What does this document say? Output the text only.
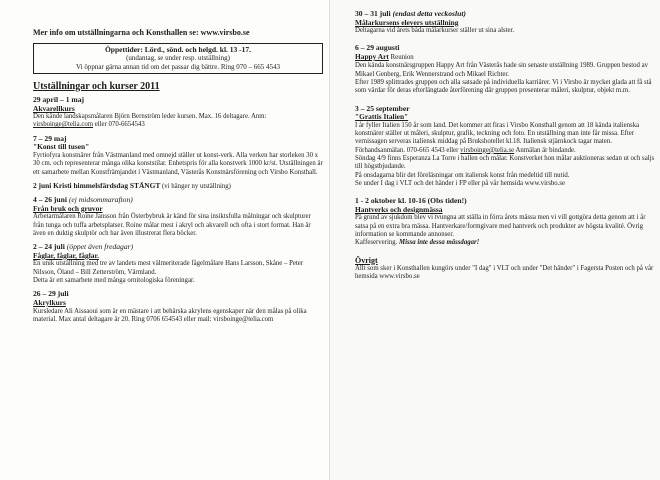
Mer info om utställningarna och Konsthallen se: www.virsbo.se

Öppettider: Lörd., sönd. och helgd. kl. 13 -17.
(undantag, se under resp. utställning)
Vi öppnar gärna annan tid om det passar dig bättre. Ring 070 – 665 4543
Utställningar och kurser 2011
29 april – 1 maj
Akvarellkurs
Den kände landskapsmålaren Björn Bernström leder kursen. Max. 16 deltagare. Anm: virsboinge@telia.com eller 070-6654543
7 – 29 maj
"Konst till tusen"
Fyrtiofyra konstnärer från Västmanland med omnejd ställer ut konst-verk. Alla verken har storleken 30 x 30 cm. och representerar många olika konststilar. Enhetspris för alla konstverk 1000 kr/st. Utställningen är ett samarbete mellan Konstfrämjandet i Västmanland, Västerås Konstnärsförening och Virsbo Konsthall.
2 juni Kristi himmelsfärdsdag STÄNGT (vi hänger ny utställning)
4 – 26 juni (ej midsommarafton)
Från bruk och gruvor
Arbetarmålaren Roine Jansson från Österbybruk är känd för sina insiktsfulla målningar och skulpturer från tunga och tuffa arbetsplatser. Roine målar mest i akryl och akvarell och ofta i stort format. Han är även en duktig skulptör och har även illustrerat flera böcker.
2 – 24 juli (öppet även fredagar)
Fåglar, fåglar, fåglar.
En unik utställning med tre av landets mest välmeriterade fågelmålare Hans Larsson, Skåne – Peter Nilsson, Öland – Bill Zetterström, Värmland.
Detta är ett samarbete med många ornitologiska föreningar.
26 – 29 juli
Akrylkurs
Kursledare Ali Aissaoui som är en mästare i att behärska akrylens egenskaper när den målas på olika material. Max antal deltagare är 20. Ring 0706 654543 eller mail: virsboinge@telia.com
30 – 31 juli (endast detta veckoslut)
Målarkursens elevers utställning
Deltagarna vid årets båda målarkurser ställer ut sina alster.
6 – 29 augusti
Happy Art Reunion
Den kända konstnärsgruppen Happy Art från Västerås hade sin senaste utställning 1989. Gruppen bestod av Mikael Genberg, Erik Wennerstrand och Mikael Richter.
Efter 1989 splittrades gruppen och alla satsade på individuella karriärer. Vi i Virsbo är mycket glada att få stå som värdar för deras efterlängtade återförening där gruppen presenterar måleri, skulptur, objekt m.m.
3 – 25 september
"Grattis Italien"
I år fyller Italien 150 år som land. Det kommer att firas i Virsbo Konsthall genom att 18 kända italienska konstnärer ställer ut måleri, skulptur, grafik, teckning och foto. En utställning man inte får missa. Efter vernissagen serveras italiensk middag på Brukshotellet kl.18. Italiensk stjärnkock tagar maten. Förhandsanmälan. 070-665 4543 eller virsboinge@telia.se Anmälan är bindande.
Söndag 4/9 finns Esperanza La Torre i hallen och målar. Konstverket hon målar auktioneras sedan ut och saljs till högstbjudande.
På onsdagarna blir det föreläsningar om italiensk konst från medeltid till nutid.
Se under I dag i VLT och det händer i FP eller på vår hemsida www.virsbo.se
1 - 2 oktober kl. 10-16 (Obs tiden!)
Hantverks och designmässa
På grund av sjukdom blev vi tvungna att ställa in förra årets mässa men vi vill gottgöra detta genom att i år satsa på en extra bra mässa. Hantverkare/formgivare med hantverk och produkter av högsta kvalité. Övrig information se kommande annonser.
Kaffeservering. Missa inte dessa mässdagar!
Övrigt
Allt som sker i Konsthallen kungörs under "I dag" i VLT och under "Det händer" i Fagersta Posten och på vår hemsida www.virsbo.se
